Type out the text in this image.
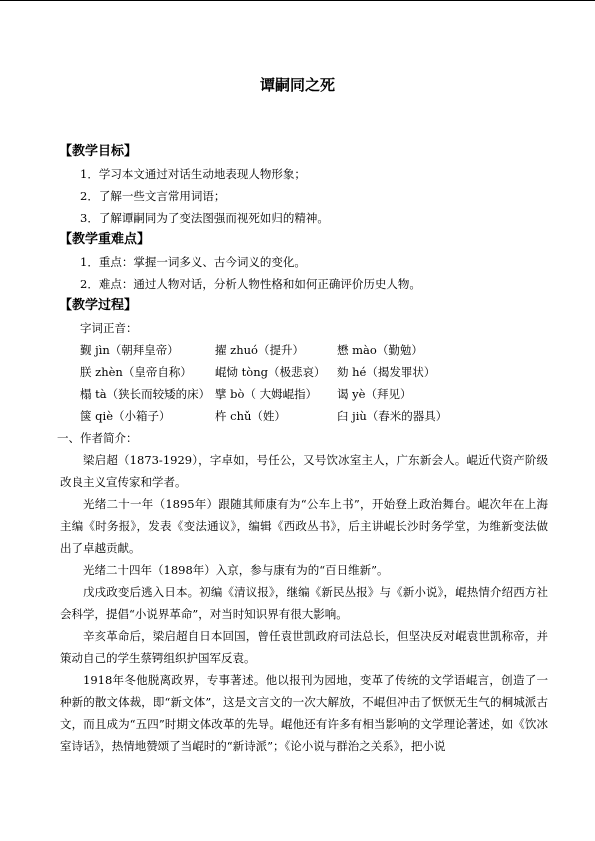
谭嗣同之死
【教学目标】
1．学习本文通过对话生动地表现人物形象；
2．了解一些文言常用词语；
3．了解谭嗣同为了变法图强而视死如归的精神。
【教学重难点】
1．重点：掌握一词多义、古今词义的变化。
2．难点：通过人物对话，分析人物性格和如何正确评价历史人物。
【教学过程】
字词正音：
觐 jìn（朝拜皇帝）	擢 zhuó（提升）	懋 mào（勤勉）
朕 zhèn（皇帝自称）	崐恸 tòng（极悲哀）	劾 hé（揭发罪状）
榻 tà（狭长而较矮的床） 擘 bò（ 大姆崐指）	谒 yè（拜见）
箧 qiè（小箱子）	杵 chǔ（姓）	臼 jiù（舂米的器具）
一、作者简介：

梁启超（1873-1929），字卓如，号任公，又号饮冰室主人，广东新会人。崐近代资产阶级改良主义宣传家和学者。

光绪二十一年（1895年）跟随其师康有为“公车上书”，开始登上政治舞台。崐次年在上海主编《时务报》，发表《变法通议》，编辑《西政丛书》，后主讲崐长沙时务学堂，为维新变法做出了卓越贡献。

光绪二十四年（1898年）入京，参与康有为的“百日维新”。

戊戌政变后逃入日本。初编《清议报》，继编《新民丛报》与《新小说》，崐热情介绍西方社会科学，提倡“小说界革命”，对当时知识界有很大影响。

辛亥革命后，梁启超自日本回国，曾任袁世凯政府司法总长，但坚决反对崐袁世凯称帝，并策动自己的学生蔡锷组织护国军反袁。

1918年冬他脱离政界，专事著述。他以报刊为园地，变革了传统的文学语崐言，创造了一种新的散文体裁，即“新文体”，这是文言文的一次大解放，不崐但冲击了恹恹无生气的桐城派古文，而且成为“五四”时期文体改革的先导。崐他还有许多有相当影响的文学理论著述，如《饮冰室诗话》，热情地赞颂了当崐时的“新诗派”；《论小说与群治之关系》，把小说
